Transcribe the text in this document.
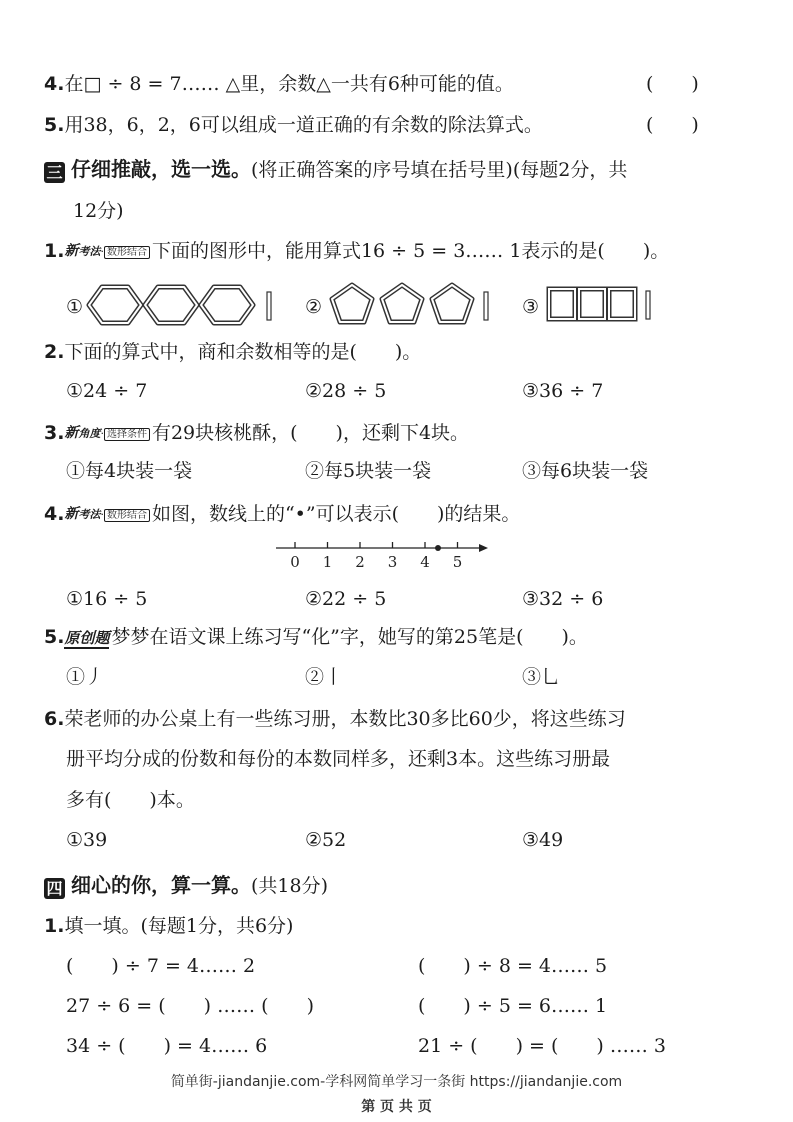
4.在□ ÷ 8 = 7…… △里，余数△一共有6种可能的值。	(　　)
5.用38，6，2，6可以组成一道正确的有余数的除法算式。	(　　)
三 仔细推敲，选一选。(将正确答案的序号填在括号里)(每题2分，共
12分)
1.新考法· 数形结合 下面的图形中，能用算式16 ÷ 5 = 3…… 1表示的是(　　)。
①	②	③
2.下面的算式中，商和余数相等的是(　　)。
①24 ÷ 7	②28 ÷ 5	③36 ÷ 7
3.新角度· 选择条件 有29块核桃酥，(　　)，还剩下4块。
①每4块装一袋	②每5块装一袋	③每6块装一袋
4.新考法· 数形结合 如图，数线上的“•”可以表示(　　)的结果。
0 1 2 3 4 5
①16 ÷ 5	②22 ÷ 5	③32 ÷ 6
5.原创题 梦梦在语文课上练习写“化”字，她写的第25笔是(　　)。
①丿	②丨	③乚
6.荣老师的办公桌上有一些练习册，本数比30多比60少，将这些练习
册平均分成的份数和每份的本数同样多，还剩3本。这些练习册最
多有(　　)本。
①39	②52	③49
四 细心的你，算一算。(共18分)
1.填一填。(每题1分，共6分)
(　　) ÷ 7 = 4…… 2	(　　) ÷ 8 = 4…… 5
27 ÷ 6 = (　　) …… (　　)	(　　) ÷ 5 = 6…… 1
34 ÷ (　　) = 4…… 6	21 ÷ (　　) = (　　) …… 3
简单街-jiandanjie.com-学科网简单学习一条街 https://jiandanjie.com
第 页 共 页
